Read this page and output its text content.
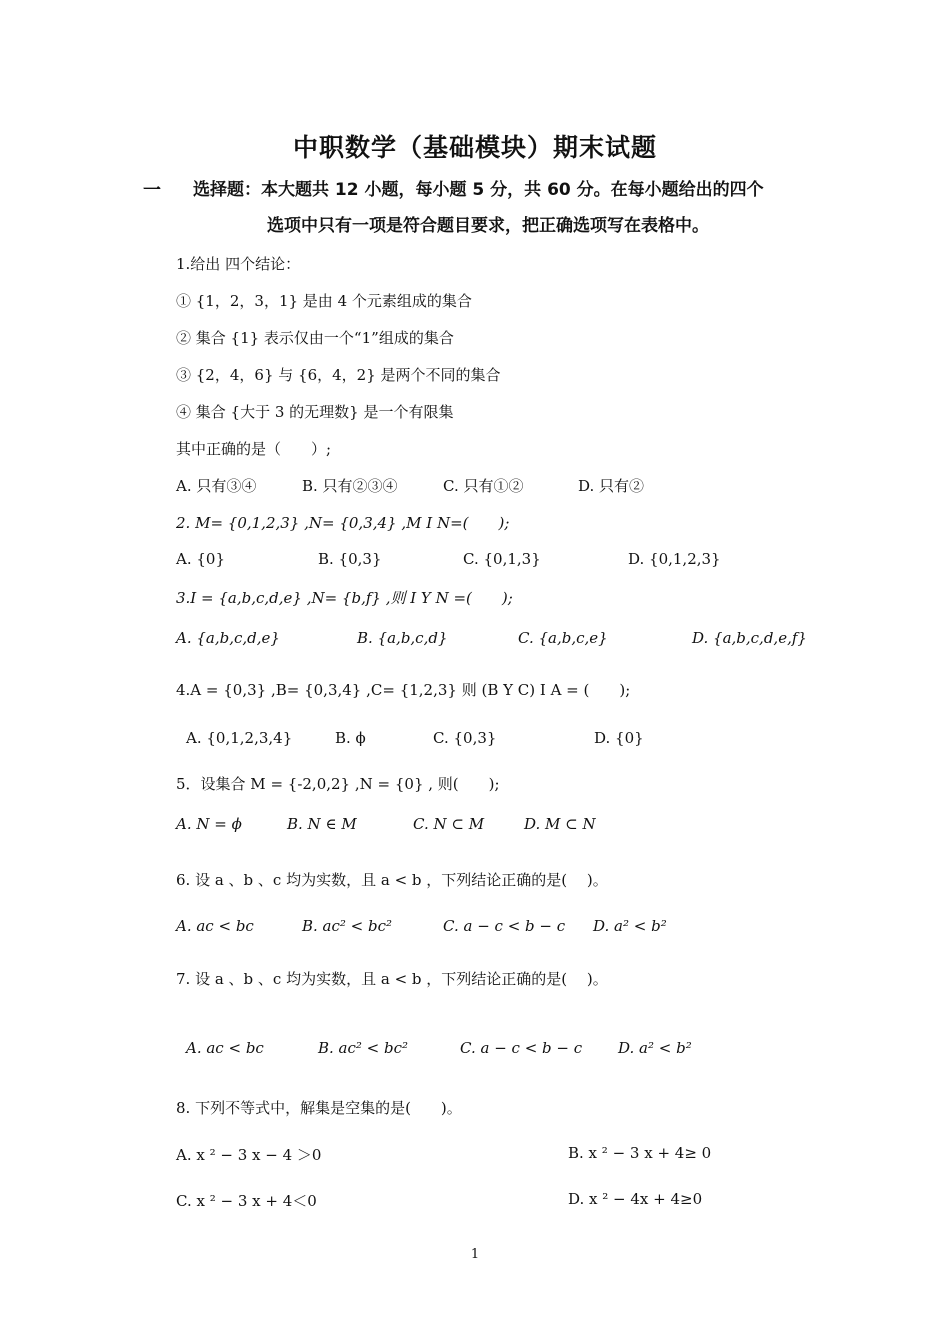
中职数学（基础模块）期末试题
一 选择题：本大题共 12 小题，每小题 5 分，共 60 分。在每小题给出的四个
选项中只有一项是符合题目要求，把正确选项写在表格中。
1.给出 四个结论：
① {1，2，3，1} 是由 4 个元素组成的集合
② 集合 {1} 表示仅由一个“1”组成的集合
③ {2，4，6} 与 {6，4，2} 是两个不同的集合
④ 集合 {大于 3 的无理数} 是一个有限集
其中正确的是（　　）;
A. 只有③④	B. 只有②③④	C. 只有①②	D. 只有②
2. M= {0,1,2,3} ,N= {0,3,4} ,M I N=(　　);
A. {0}	B. {0,3}	C. {0,1,3}	D. {0,1,2,3}
3.I = {a,b,c,d,e} ,N= {b,f} ,则 I Y N =(　　);
A. {a,b,c,d,e}	B. {a,b,c,d}	C. {a,b,c,e}	D. {a,b,c,d,e,f}
4.A = {0,3} ,B= {0,3,4} ,C= {1,2,3} 则 (B Y C) I A = (　　);
A. {0,1,2,3,4}	B. ϕ	C. {0,3}	D. {0}
5．设集合 M = {-2,0,2} ,N = {0} , 则(　　);
A. N = ϕ	B. N ∈ M	C. N ⊂ M	D. M ⊂ N
6. 设 a 、b 、c 均为实数，且 a < b ，下列结论正确的是(　 )。
A. ac < bc	B. ac² < bc²	C. a − c < b − c D. a² < b²
7. 设 a 、b 、c 均为实数，且 a < b ，下列结论正确的是(　 )。
A. ac < bc	B. ac² < bc²	C. a − c < b − c D. a² < b²
8. 下列不等式中，解集是空集的是(　　)。
A. x ² − 3 x − 4 ＞0	B. x ² − 3 x + 4≥ 0
C. x ² − 3 x + 4＜0	D. x ² − 4x + 4≥0
1
